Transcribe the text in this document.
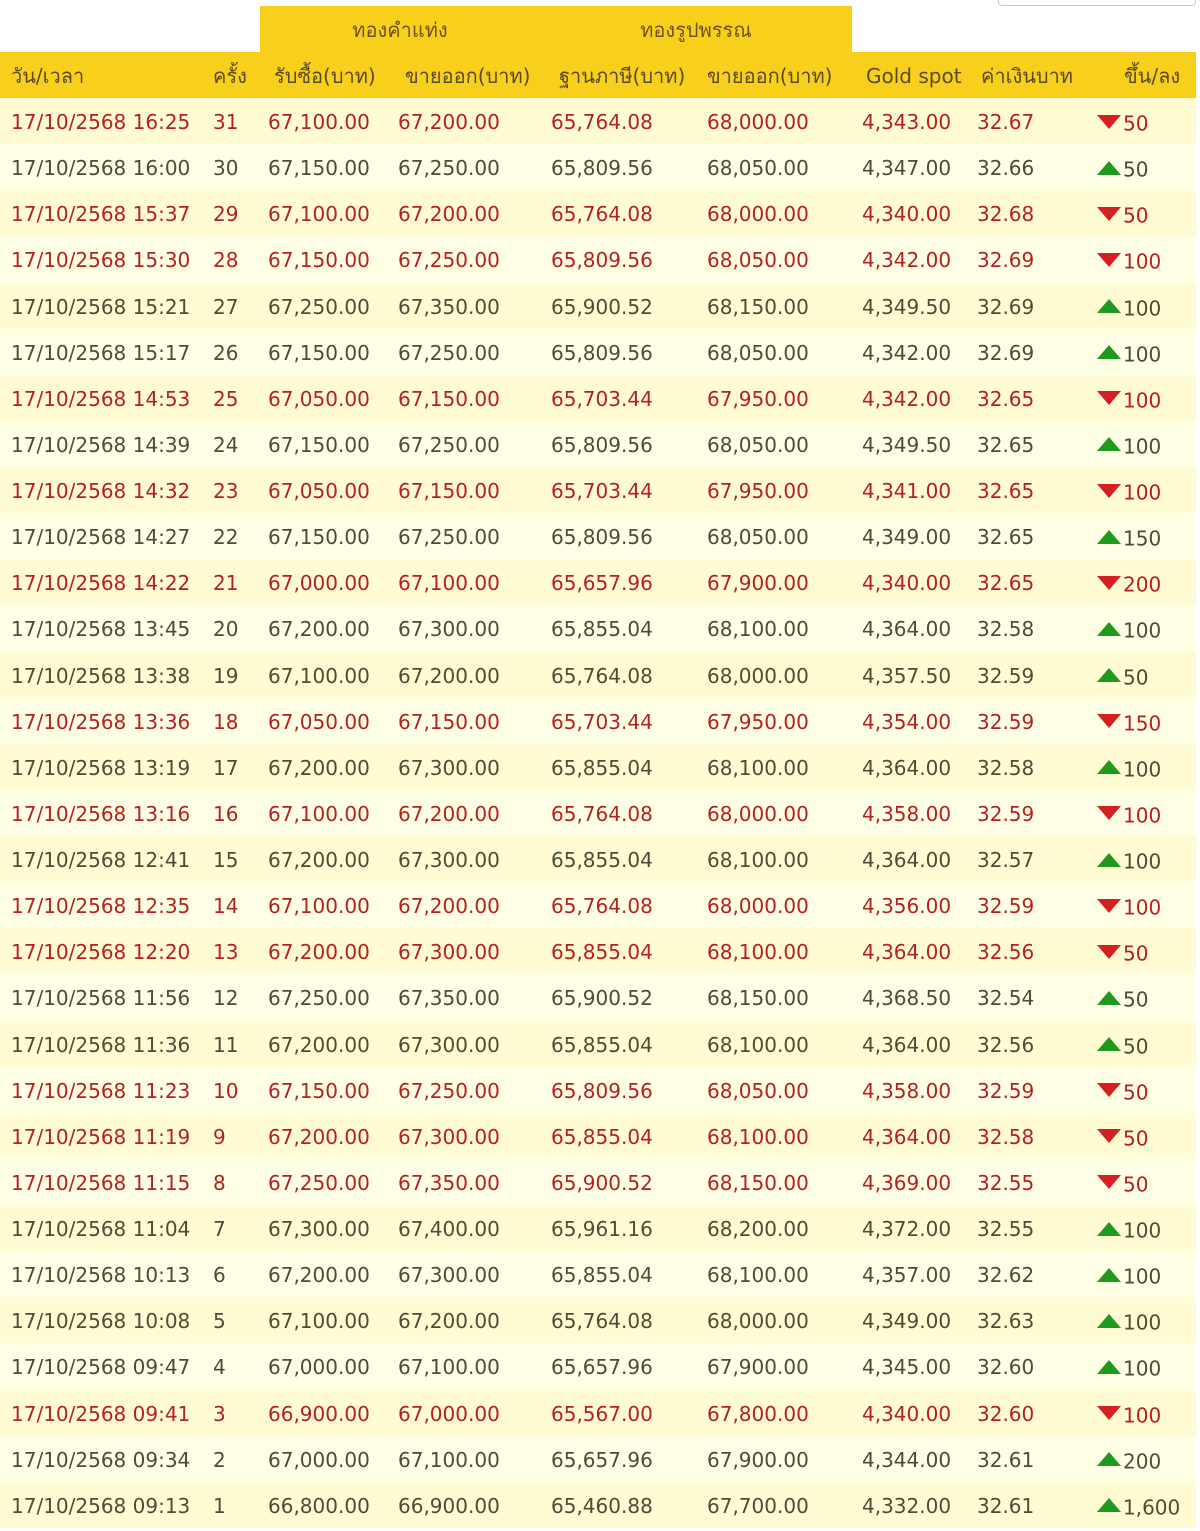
ทองคำแท่ง	ทองรูปพรรณ
วัน/เวลา	ครั้ง รับซื้อ(บาท) ขายออก(บาท) ฐานภาษี(บาท) ขายออก(บาท) Gold spot ค่าเงินบาท	ขึ้น/ลง
17/10/2568 16:25 31 67,100.00 67,200.00	65,764.08	68,000.00	4,343.00 32.67	50
17/10/2568 16:00 30 67,150.00 67,250.00	65,809.56	68,050.00	4,347.00 32.66	50
17/10/2568 15:37 29 67,100.00 67,200.00	65,764.08	68,000.00	4,340.00 32.68	50
17/10/2568 15:30 28 67,150.00 67,250.00	65,809.56	68,050.00	4,342.00 32.69	100
17/10/2568 15:21 27 67,250.00 67,350.00	65,900.52	68,150.00	4,349.50 32.69	100
17/10/2568 15:17 26 67,150.00 67,250.00	65,809.56	68,050.00	4,342.00 32.69	100
17/10/2568 14:53 25 67,050.00 67,150.00	65,703.44	67,950.00	4,342.00 32.65	100
17/10/2568 14:39 24 67,150.00 67,250.00	65,809.56	68,050.00	4,349.50 32.65	100
17/10/2568 14:32 23 67,050.00 67,150.00	65,703.44	67,950.00	4,341.00 32.65	100
17/10/2568 14:27 22 67,150.00 67,250.00	65,809.56	68,050.00	4,349.00 32.65	150
17/10/2568 14:22 21 67,000.00 67,100.00	65,657.96	67,900.00	4,340.00 32.65	200
17/10/2568 13:45 20 67,200.00 67,300.00	65,855.04	68,100.00	4,364.00 32.58	100
17/10/2568 13:38 19 67,100.00 67,200.00	65,764.08	68,000.00	4,357.50 32.59	50
17/10/2568 13:36 18 67,050.00 67,150.00	65,703.44	67,950.00	4,354.00 32.59	150
17/10/2568 13:19 17 67,200.00 67,300.00	65,855.04	68,100.00	4,364.00 32.58	100
17/10/2568 13:16 16 67,100.00 67,200.00	65,764.08	68,000.00	4,358.00 32.59	100
17/10/2568 12:41 15 67,200.00 67,300.00	65,855.04	68,100.00	4,364.00 32.57	100
17/10/2568 12:35 14 67,100.00 67,200.00	65,764.08	68,000.00	4,356.00 32.59	100
17/10/2568 12:20 13 67,200.00 67,300.00	65,855.04	68,100.00	4,364.00 32.56	50
17/10/2568 11:56 12 67,250.00 67,350.00	65,900.52	68,150.00	4,368.50 32.54	50
17/10/2568 11:36 11 67,200.00 67,300.00	65,855.04	68,100.00	4,364.00 32.56	50
17/10/2568 11:23 10 67,150.00 67,250.00	65,809.56	68,050.00	4,358.00 32.59	50
17/10/2568 11:19 9 67,200.00 67,300.00	65,855.04	68,100.00	4,364.00 32.58	50
17/10/2568 11:15 8 67,250.00 67,350.00	65,900.52	68,150.00	4,369.00 32.55	50
17/10/2568 11:04 7 67,300.00 67,400.00	65,961.16	68,200.00	4,372.00 32.55	100
17/10/2568 10:13 6 67,200.00 67,300.00	65,855.04	68,100.00	4,357.00 32.62	100
17/10/2568 10:08 5 67,100.00 67,200.00	65,764.08	68,000.00	4,349.00 32.63	100
17/10/2568 09:47 4 67,000.00 67,100.00	65,657.96	67,900.00	4,345.00 32.60	100
17/10/2568 09:41 3 66,900.00 67,000.00	65,567.00	67,800.00	4,340.00 32.60	100
17/10/2568 09:34 2 67,000.00 67,100.00	65,657.96	67,900.00	4,344.00 32.61	200
17/10/2568 09:13 1 66,800.00 66,900.00	65,460.88	67,700.00	4,332.00 32.61	1,600
